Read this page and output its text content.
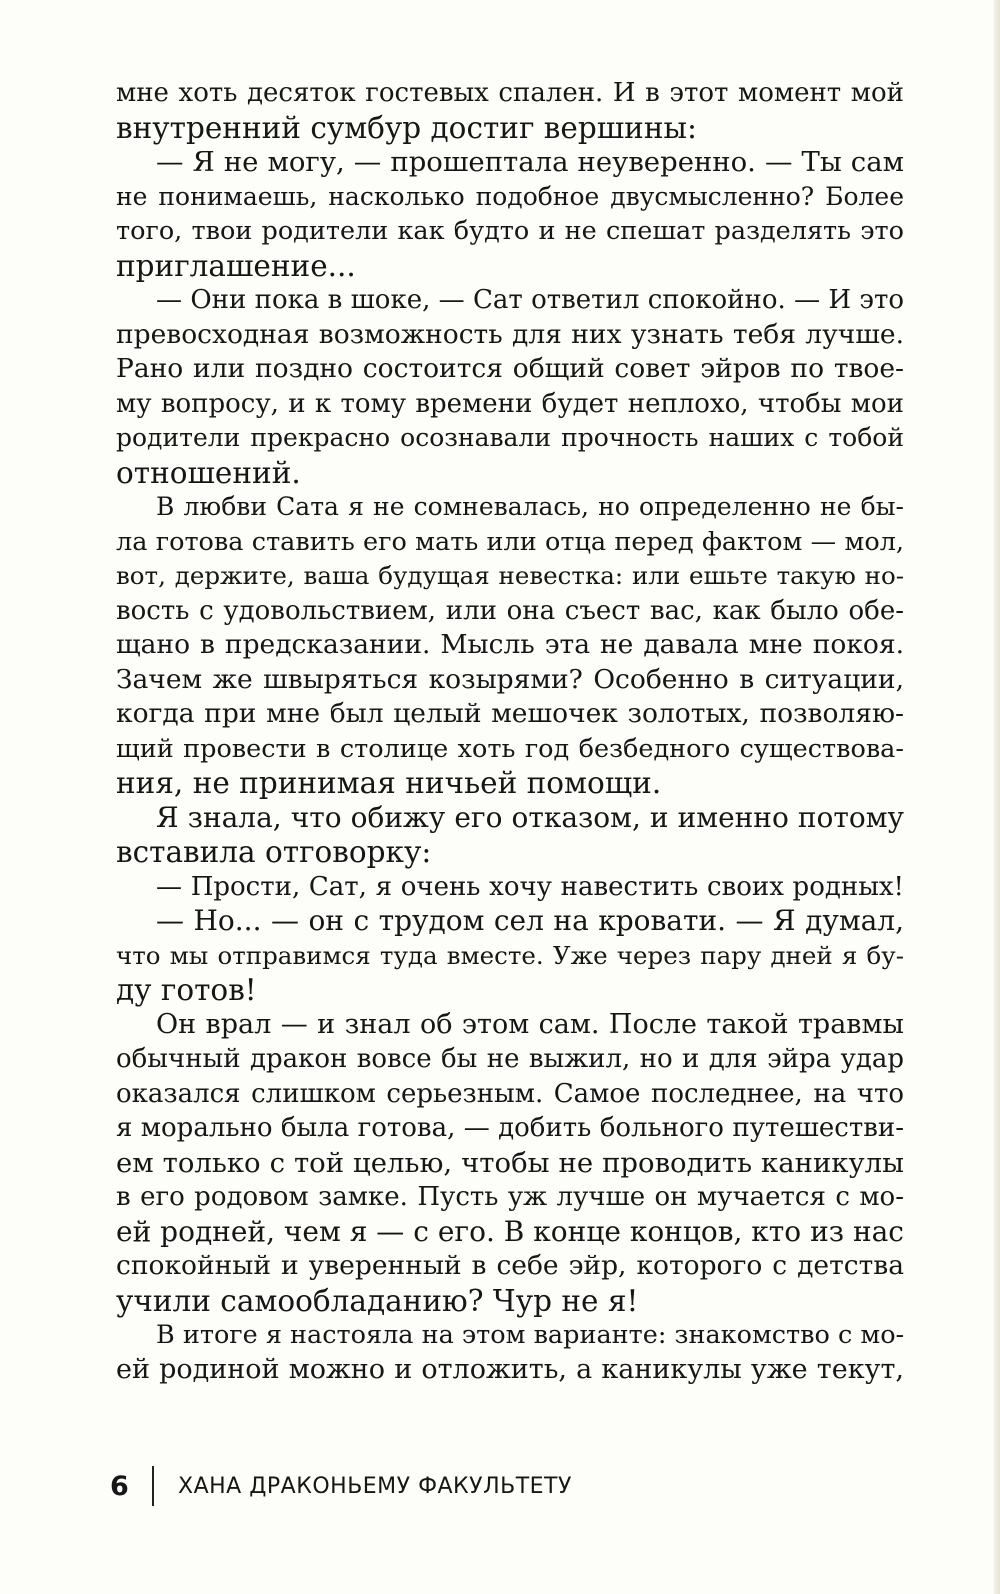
мне хоть десяток гостевых спален. И в этот момент мой
внутренний сумбур достиг вершины:
— Я не могу, — прошептала неуверенно. — Ты сам
не понимаешь, насколько подобное двусмысленно? Более
того, твои родители как будто и не спешат разделять это
приглашение...
— Они пока в шоке, — Сат ответил спокойно. — И это
превосходная возможность для них узнать тебя лучше.
Рано или поздно состоится общий совет эйров по твое-
му вопросу, и к тому времени будет неплохо, чтобы мои
родители прекрасно осознавали прочность наших с тобой
отношений.
В любви Сата я не сомневалась, но определенно не бы-
ла готова ставить его мать или отца перед фактом — мол,
вот, держите, ваша будущая невестка: или ешьте такую но-
вость с удовольствием, или она съест вас, как было обе-
щано в предсказании. Мысль эта не давала мне покоя.
Зачем же швыряться козырями? Особенно в ситуации,
когда при мне был целый мешочек золотых, позволяю-
щий провести в столице хоть год безбедного существова-
ния, не принимая ничьей помощи.
Я знала, что обижу его отказом, и именно потому
вставила отговорку:
— Прости, Сат, я очень хочу навестить своих родных!
— Но... — он с трудом сел на кровати. — Я думал,
что мы отправимся туда вместе. Уже через пару дней я бу-
ду готов!
Он врал — и знал об этом сам. После такой травмы
обычный дракон вовсе бы не выжил, но и для эйра удар
оказался слишком серьезным. Самое последнее, на что
я морально была готова, — добить больного путешестви-
ем только с той целью, чтобы не проводить каникулы
в его родовом замке. Пусть уж лучше он мучается с мо-
ей родней, чем я — с его. В конце концов, кто из нас
спокойный и уверенный в себе эйр, которого с детства
учили самообладанию? Чур не я!
В итоге я настояла на этом варианте: знакомство с мо-
ей родиной можно и отложить, а каникулы уже текут,
6	ХАНА ДРАКОНЬЕМУ ФАКУЛЬТЕТУ
